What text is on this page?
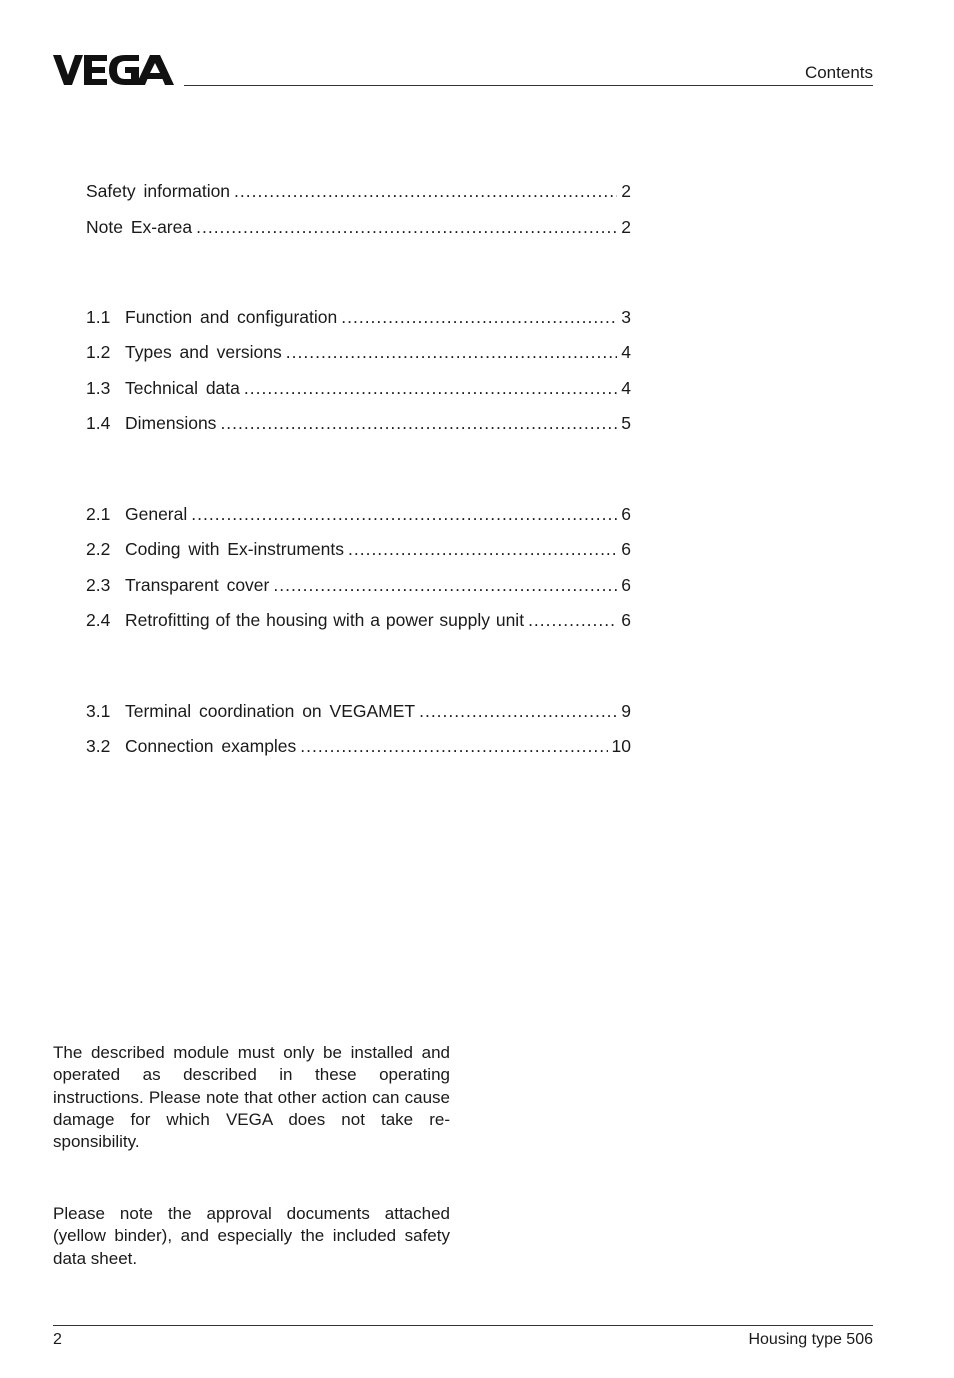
Contents
Safety information .....	2
Note Ex-area .....	2
1.1 Function and configuration .....	3
1.2 Types and versions .....	4
1.3 Technical data .....	4
1.4 Dimensions .....	5
2.1 General .....	6
2.2 Coding with Ex-instruments .....	6
2.3 Transparent cover .....	6
2.4 Retrofitting of the housing with a power supply unit .....	6
3.1 Terminal coordination on VEGAMET .....	9
3.2 Connection examples .....	10

The described module must only be installed and operated as described in these operating instructions. Please note that other action can cause damage for which VEGA does not take re-sponsibility.

Please note the approval documents attached (yellow binder), and especially the included safety data sheet.

2	Housing type 506
